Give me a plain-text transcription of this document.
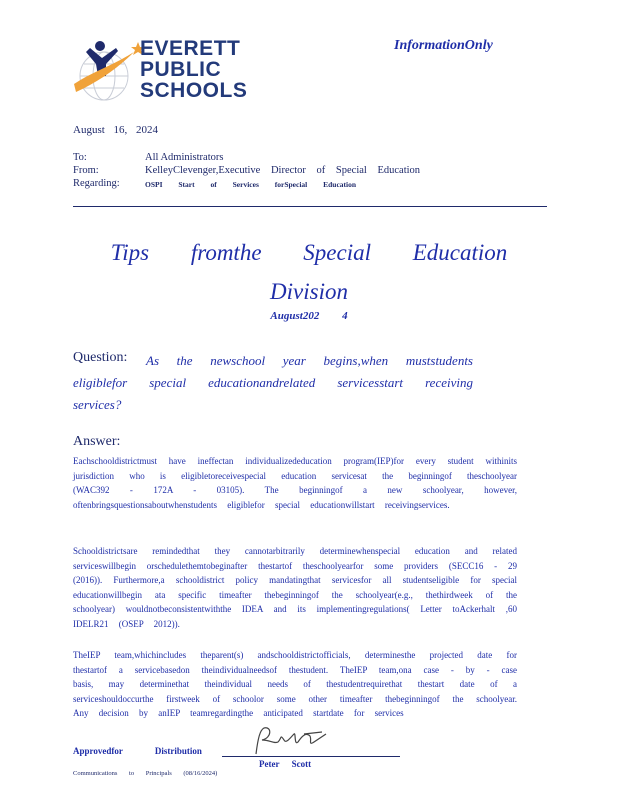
EVERETT
PUBLIC
SCHOOLS
InformationOnly
August 16, 2024
To:	All Administrators
From:	KelleyClevenger,Executive Director of Special Education
Regarding:	OSPI Start of Services forSpecial Education
Tips fromthe Special Education
Division
August202 4
Question:	As the newschool year begins,when muststudents eligiblefor special educationandrelated servicesstart receiving services?
Answer:
Eachschooldistrictmust have ineffectan individualizededucation program(IEP)for every student withinits jurisdiction who is eligibletoreceivespecial education servicesat the beginningof theschoolyear (WAC392 - 172A - 03105). The beginningof a new schoolyear, however, oftenbringsquestionsaboutwhenstudents eligiblefor special educationwillstart receivingservices.
Schooldistrictsare remindedthat they cannotarbitrarily determinewhenspecial education and related serviceswillbegin orschedulethemtobeginafter thestartof theschoolyearfor some providers (SECC16 - 29 (2016)). Furthermore,a schooldistrict policy mandatingthat servicesfor all studentseligible for special educationwillbegin ata specific timeafter thebeginningof the schoolyear(e.g., thethirdweek of the schoolyear) wouldnotbeconsistentwiththe IDEA and its implementingregulations( Letter toAckerhalt ,60 IDELR21 (OSEP 2012)).
TheIEP team,whichincludes theparent(s) andschooldistrictofficials, determinesthe projected date for thestartof a servicebasedon theindividualneedsof thestudent. TheIEP team,ona case - by - case basis, may determinethat theindividual needs of thestudentrequirethat thestart date of a serviceshouldoccurthe firstweek of schoolor some other timeafter thebeginningof the schoolyear. Any decision by anIEP teamregardingthe anticipated startdate for services
Approvedfor Distribution
Peter Scott
Communications to Principals (08/16/2024)
